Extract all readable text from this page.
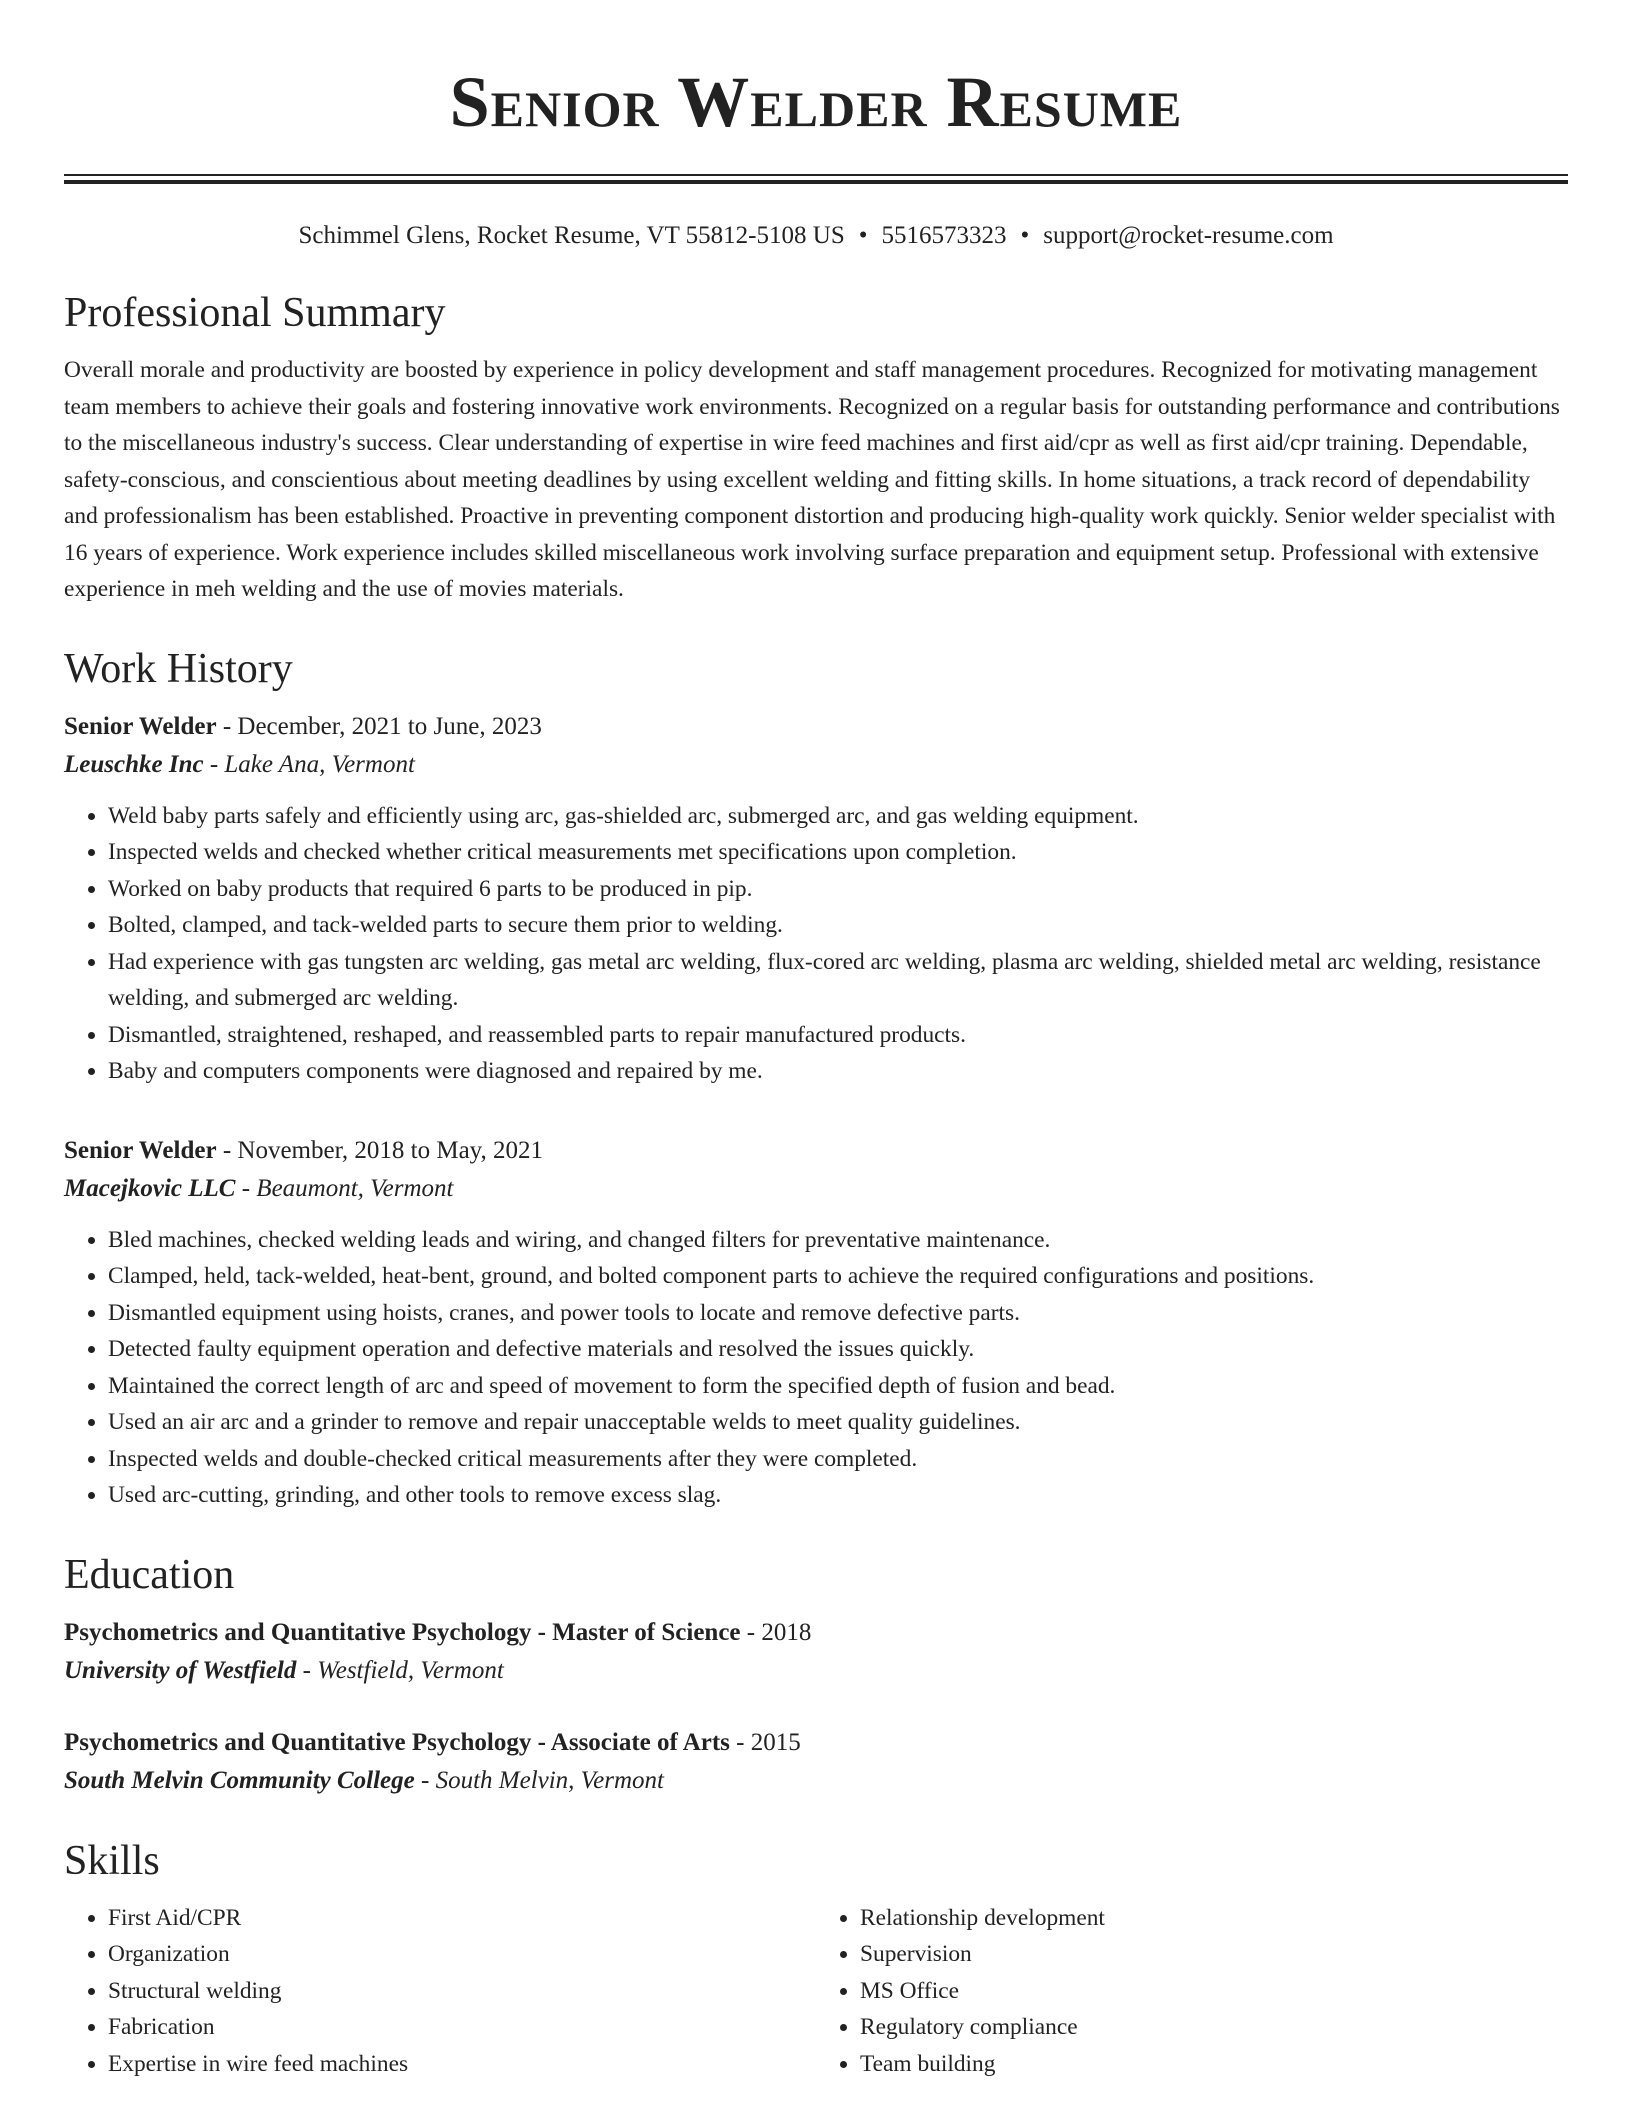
Senior Welder Resume
Schimmel Glens, Rocket Resume, VT 55812-5108 US • 5516573323 • support@rocket-resume.com
Professional Summary

Overall morale and productivity are boosted by experience in policy development and staff management procedures. Recognized for motivating management team members to achieve their goals and fostering innovative work environments. Recognized on a regular basis for outstanding performance and contributions to the miscellaneous industry's success. Clear understanding of expertise in wire feed machines and first aid/cpr as well as first aid/cpr training. Dependable, safety-conscious, and conscientious about meeting deadlines by using excellent welding and fitting skills. In home situations, a track record of dependability and professionalism has been established. Proactive in preventing component distortion and producing high-quality work quickly. Senior welder specialist with 16 years of experience. Work experience includes skilled miscellaneous work involving surface preparation and equipment setup. Professional with extensive experience in meh welding and the use of movies materials.

Work History
Senior Welder - December, 2021 to June, 2023
Leuschke Inc - Lake Ana, Vermont
• Weld baby parts safely and efficiently using arc, gas-shielded arc, submerged arc, and gas welding equipment.
• Inspected welds and checked whether critical measurements met specifications upon completion.
• Worked on baby products that required 6 parts to be produced in pip.
• Bolted, clamped, and tack-welded parts to secure them prior to welding.
• Had experience with gas tungsten arc welding, gas metal arc welding, flux-cored arc welding, plasma arc welding, shielded metal arc welding, resistance welding, and submerged arc welding.
• Dismantled, straightened, reshaped, and reassembled parts to repair manufactured products.
• Baby and computers components were diagnosed and repaired by me.
Senior Welder - November, 2018 to May, 2021
Macejkovic LLC - Beaumont, Vermont
• Bled machines, checked welding leads and wiring, and changed filters for preventative maintenance.
• Clamped, held, tack-welded, heat-bent, ground, and bolted component parts to achieve the required configurations and positions.
• Dismantled equipment using hoists, cranes, and power tools to locate and remove defective parts.
• Detected faulty equipment operation and defective materials and resolved the issues quickly.
• Maintained the correct length of arc and speed of movement to form the specified depth of fusion and bead.
• Used an air arc and a grinder to remove and repair unacceptable welds to meet quality guidelines.
• Inspected welds and double-checked critical measurements after they were completed.
• Used arc-cutting, grinding, and other tools to remove excess slag.
Education
Psychometrics and Quantitative Psychology - Master of Science - 2018
University of Westfield - Westfield, Vermont
Psychometrics and Quantitative Psychology - Associate of Arts - 2015
South Melvin Community College - South Melvin, Vermont
Skills
• First Aid/CPR
• Organization
• Structural welding
• Fabrication
• Expertise in wire feed machines
• Relationship development
• Supervision
• MS Office
• Regulatory compliance
• Team building
